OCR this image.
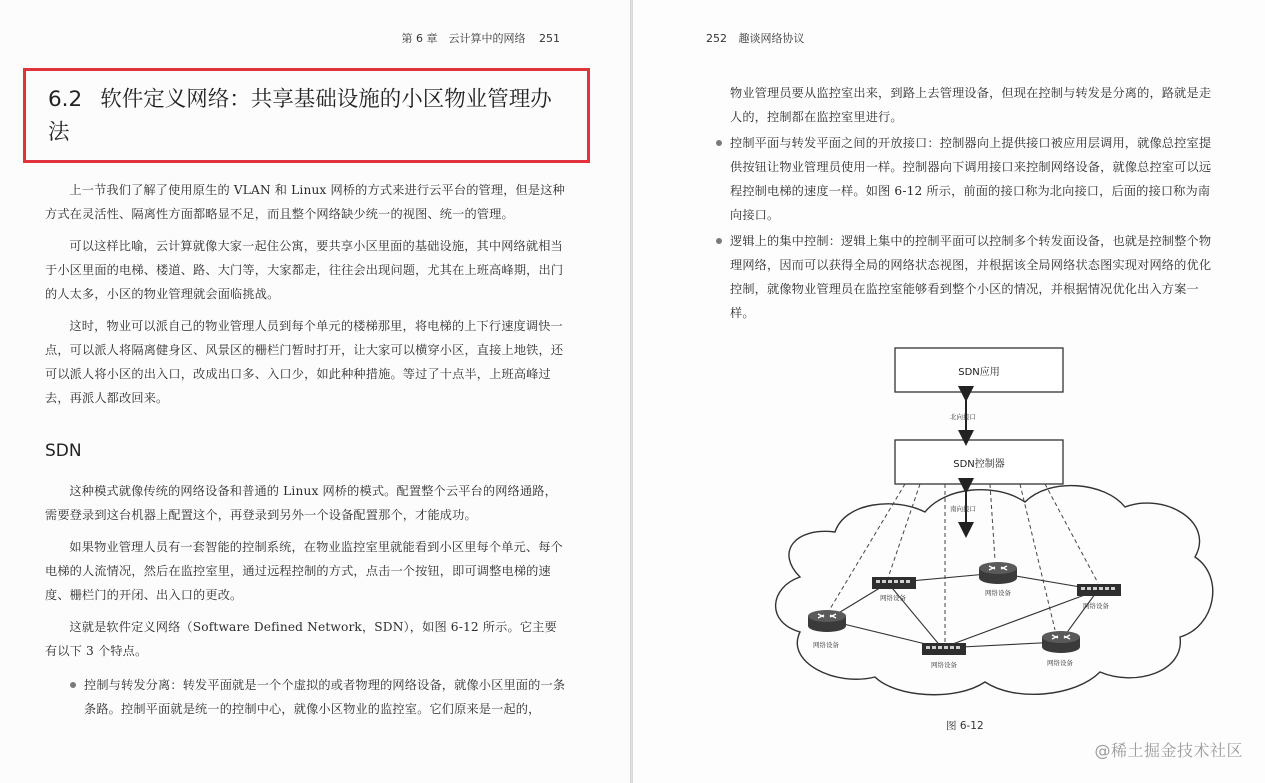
第 6 章　云计算中的网络 251
6.2 软件定义网络：共享基础设施的小区物业管理办法

上一节我们了解了使用原生的 VLAN 和 Linux 网桥的方式来进行云平台的管理，但是这种方式在灵活性、隔离性方面都略显不足，而且整个网络缺少统一的视图、统一的管理。

可以这样比喻，云计算就像大家一起住公寓，要共享小区里面的基础设施，其中网络就相当于小区里面的电梯、楼道、路、大门等，大家都走，往往会出现问题，尤其在上班高峰期，出门的人太多，小区的物业管理就会面临挑战。

这时，物业可以派自己的物业管理人员到每个单元的楼梯那里，将电梯的上下行速度调快一点，可以派人将隔离健身区、风景区的栅栏门暂时打开，让大家可以横穿小区，直接上地铁，还可以派人将小区的出入口，改成出口多、入口少，如此种种措施。等过了十点半，上班高峰过去，再派人都改回来。

SDN

这种模式就像传统的网络设备和普通的 Linux 网桥的模式。配置整个云平台的网络通路，需要登录到这台机器上配置这个，再登录到另外一个设备配置那个，才能成功。

如果物业管理人员有一套智能的控制系统，在物业监控室里就能看到小区里每个单元、每个电梯的人流情况，然后在监控室里，通过远程控制的方式，点击一个按钮，即可调整电梯的速度、栅栏门的开闭、出入口的更改。

这就是软件定义网络（Software Defined Network，SDN），如图 6-12 所示。它主要有以下 3 个特点。

控制与转发分离：转发平面就是一个个虚拟的或者物理的网络设备，就像小区里面的一条条路。控制平面就是统一的控制中心，就像小区物业的监控室。它们原来是一起的，
252 趣谈网络协议

物业管理员要从监控室出来，到路上去管理设备，但现在控制与转发是分离的，路就是走人的，控制都在监控室里进行。

控制平面与转发平面之间的开放接口：控制器向上提供接口被应用层调用，就像总控室提供按钮让物业管理员使用一样。控制器向下调用接口来控制网络设备，就像总控室可以远程控制电梯的速度一样。如图 6-12 所示，前面的接口称为北向接口，后面的接口称为南向接口。
逻辑上的集中控制：逻辑上集中的控制平面可以控制多个转发面设备，也就是控制整个物理网络，因而可以获得全局的网络状态视图，并根据该全局网络状态图实现对网络的优化控制，就像物业管理员在监控室能够看到整个小区的情况，并根据情况优化出入方案一样。
SDN应用
SDN控制器
北向接口
南向接口
网络设备
网络设备
网络设备
网络设备
网络设备	网络设备
图 6-12
@稀土掘金技术社区
